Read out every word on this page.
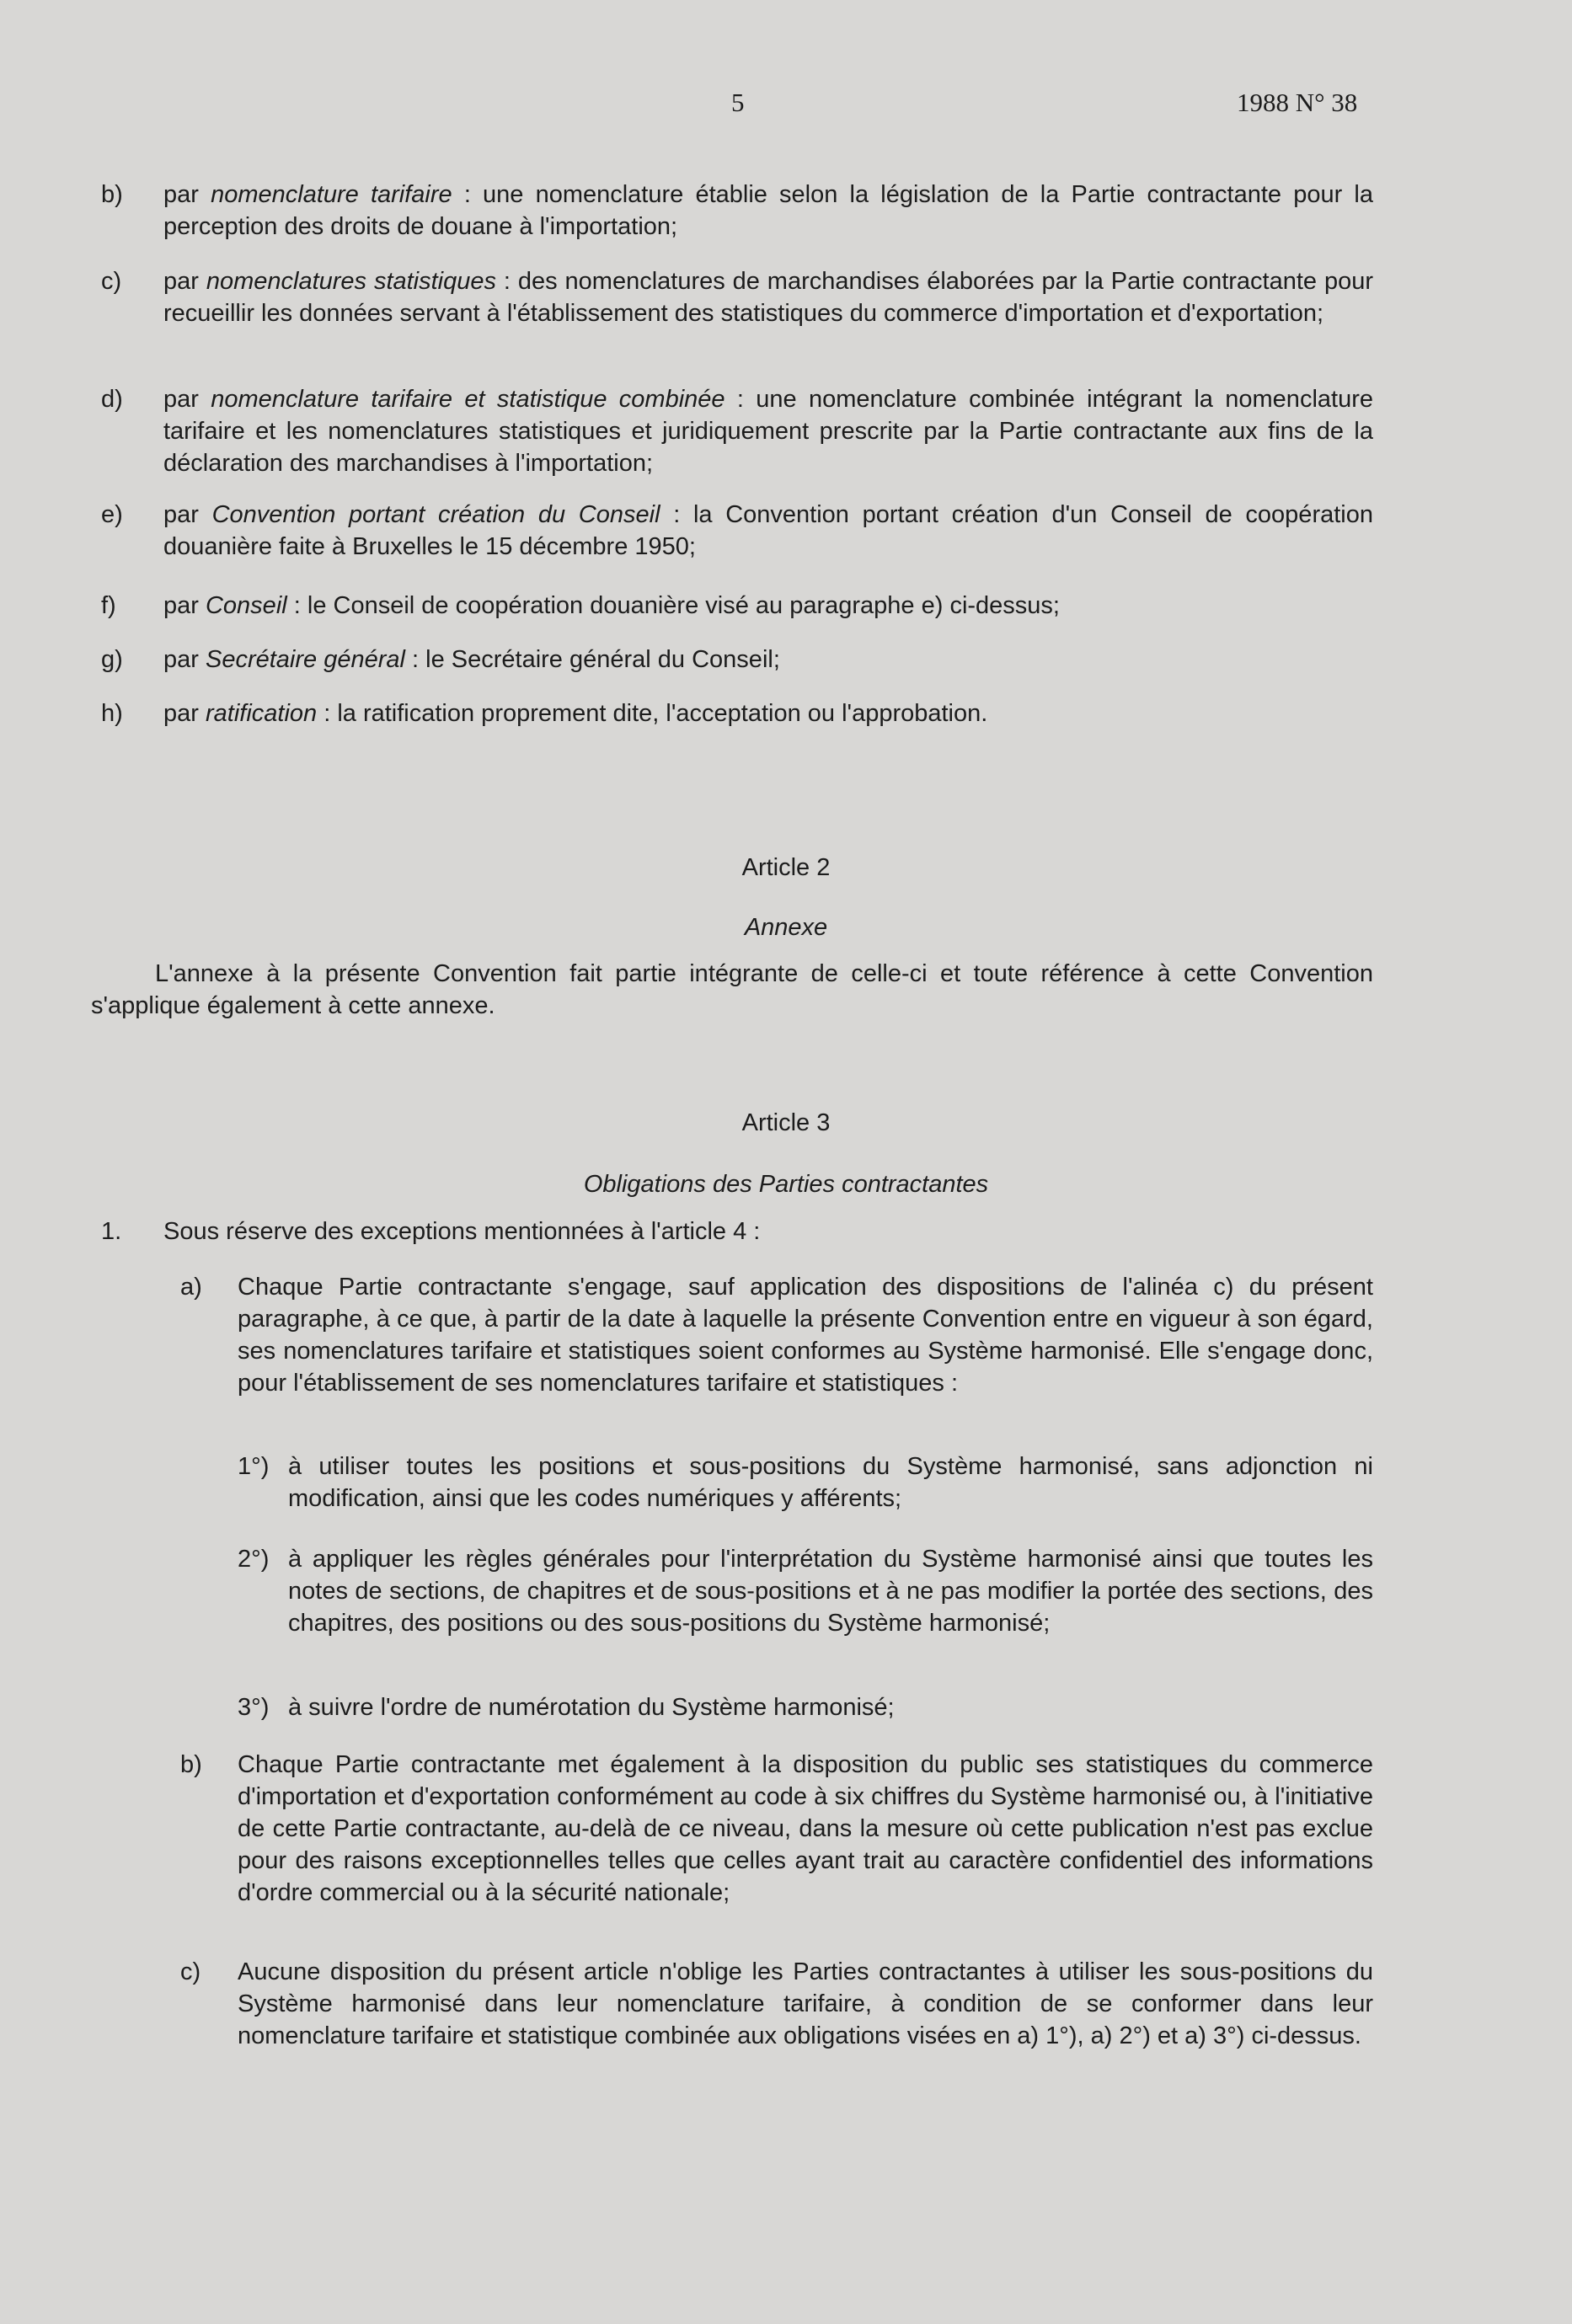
5	1988 N° 38
b) par nomenclature tarifaire : une nomenclature établie selon la législation de la Partie contractante pour la perception des droits de douane à l'importation;
c) par nomenclatures statistiques : des nomenclatures de marchandises élaborées par la Partie contractante pour recueillir les données servant à l'établissement des statistiques du commerce d'importation et d'exportation;
d) par nomenclature tarifaire et statistique combinée : une nomenclature combinée intégrant la nomenclature tarifaire et les nomenclatures statistiques et juridiquement prescrite par la Partie contractante aux fins de la déclaration des marchandises à l'importation;
e) par Convention portant création du Conseil : la Convention portant création d'un Conseil de coopération douanière faite à Bruxelles le 15 décembre 1950;
f) par Conseil : le Conseil de coopération douanière visé au paragraphe e) ci-dessus;
g) par Secrétaire général : le Secrétaire général du Conseil;
h) par ratification : la ratification proprement dite, l'acceptation ou l'approbation.
Article 2
Annexe
L'annexe à la présente Convention fait partie intégrante de celle-ci et toute référence à cette Convention s'applique également à cette annexe.
Article 3
Obligations des Parties contractantes
1. Sous réserve des exceptions mentionnées à l'article 4 :
a) Chaque Partie contractante s'engage, sauf application des dispositions de l'alinéa c) du présent paragraphe, à ce que, à partir de la date à laquelle la présente Convention entre en vigueur à son égard, ses nomenclatures tarifaire et statistiques soient conformes au Système harmonisé. Elle s'engage donc, pour l'établissement de ses nomenclatures tarifaire et statistiques :
1°) à utiliser toutes les positions et sous-positions du Système harmonisé, sans adjonction ni modification, ainsi que les codes numériques y afférents;
2°) à appliquer les règles générales pour l'interprétation du Système harmonisé ainsi que toutes les notes de sections, de chapitres et de sous-positions et à ne pas modifier la portée des sections, des chapitres, des positions ou des sous-positions du Système harmonisé;
3°) à suivre l'ordre de numérotation du Système harmonisé;
b) Chaque Partie contractante met également à la disposition du public ses statistiques du commerce d'importation et d'exportation conformément au code à six chiffres du Système harmonisé ou, à l'initiative de cette Partie contractante, au-delà de ce niveau, dans la mesure où cette publication n'est pas exclue pour des raisons exceptionnelles telles que celles ayant trait au caractère confidentiel des informations d'ordre commercial ou à la sécurité nationale;
c) Aucune disposition du présent article n'oblige les Parties contractantes à utiliser les sous-positions du Système harmonisé dans leur nomenclature tarifaire, à condition de se conformer dans leur nomenclature tarifaire et statistique combinée aux obligations visées en a) 1°), a) 2°) et a) 3°) ci-dessus.
